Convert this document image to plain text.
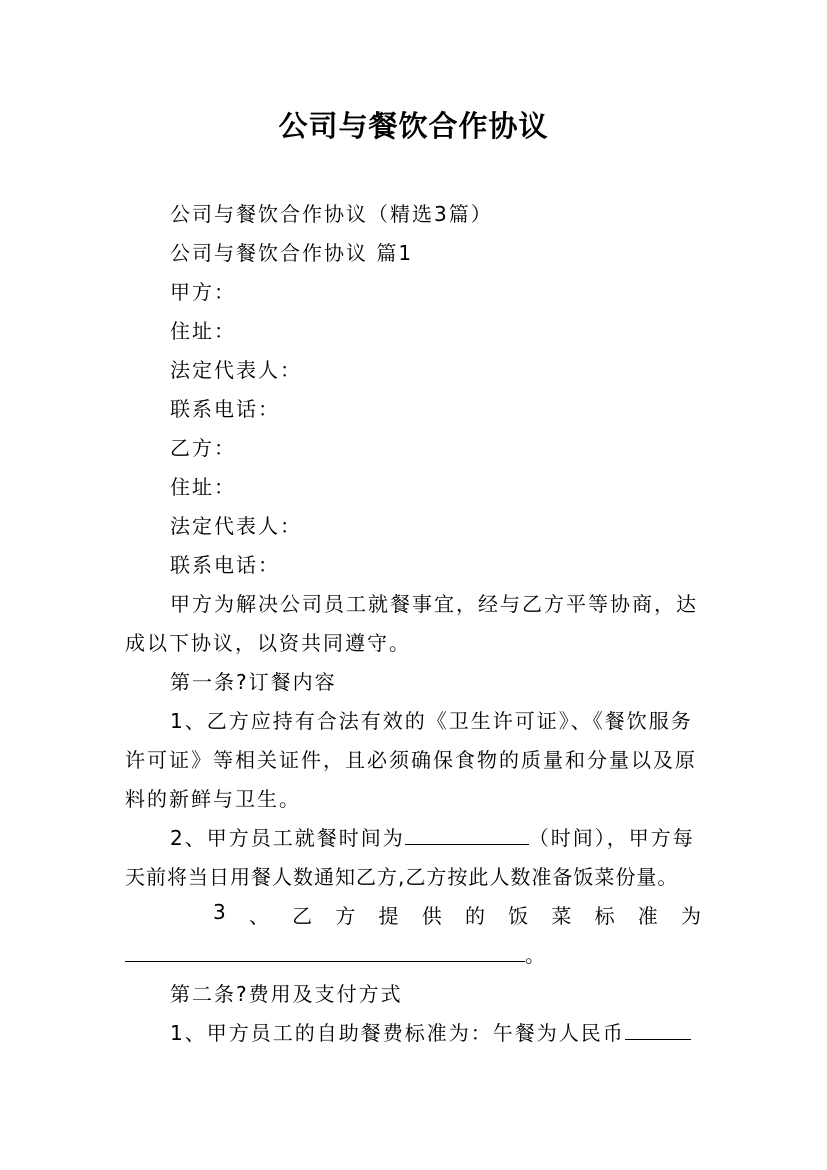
公司与餐饮合作协议
公司与餐饮合作协议（精选3篇）
公司与餐饮合作协议 篇1
甲方：
住址：
法定代表人：
联系电话：
乙方：
住址：
法定代表人：
联系电话：
甲方为解决公司员工就餐事宜，经与乙方平等协商，达
成以下协议，以资共同遵守。
第一条?订餐内容
1、乙方应持有合法有效的《卫生许可证》、《餐饮服务
许可证》等相关证件，且必须确保食物的质量和分量以及原
料的新鲜与卫生。
2、甲方员工就餐时间为	（时间），甲方每
天前将当日用餐人数通知乙方,乙方按此人数准备饭菜份量。
3 、 乙 方 提 供 的 饭 菜 标 准 为
。
第二条?费用及支付方式
1、甲方员工的自助餐费标准为：午餐为人民币
